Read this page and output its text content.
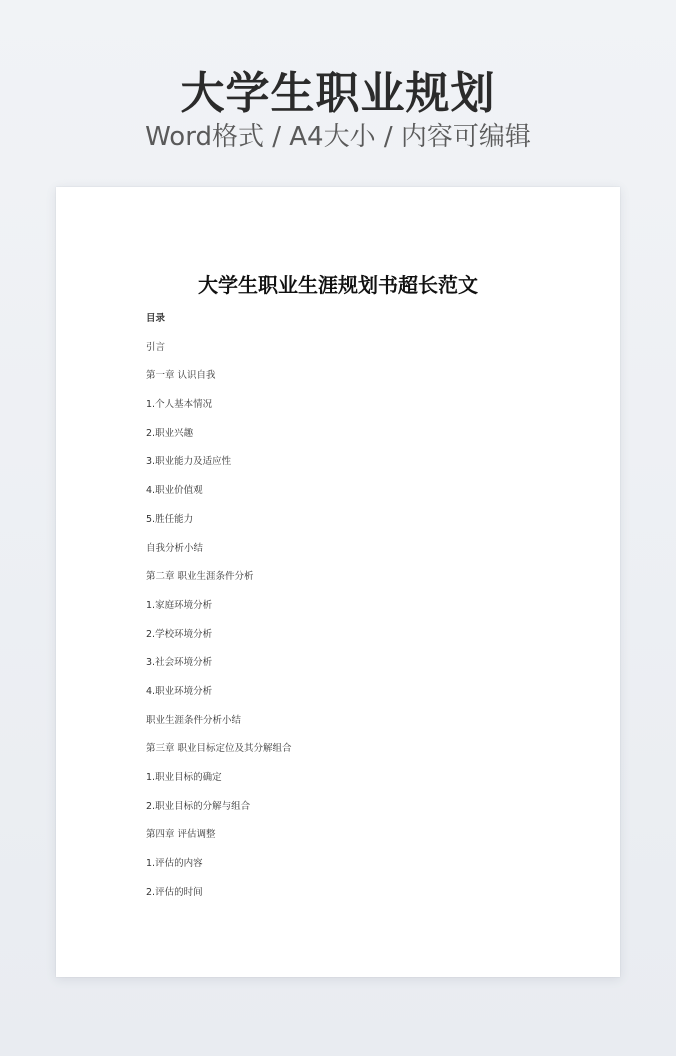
大学生职业规划
Word格式 / A4大小 / 内容可编辑
大学生职业生涯规划书超长范文
目录
引言
第一章 认识自我
1.个人基本情况
2.职业兴趣
3.职业能力及适应性
4.职业价值观
5.胜任能力
自我分析小结
第二章 职业生涯条件分析
1.家庭环境分析
2.学校环境分析
3.社会环境分析
4.职业环境分析
职业生涯条件分析小结
第三章 职业目标定位及其分解组合
1.职业目标的确定
2.职业目标的分解与组合
第四章 评估调整
1.评估的内容
2.评估的时间
